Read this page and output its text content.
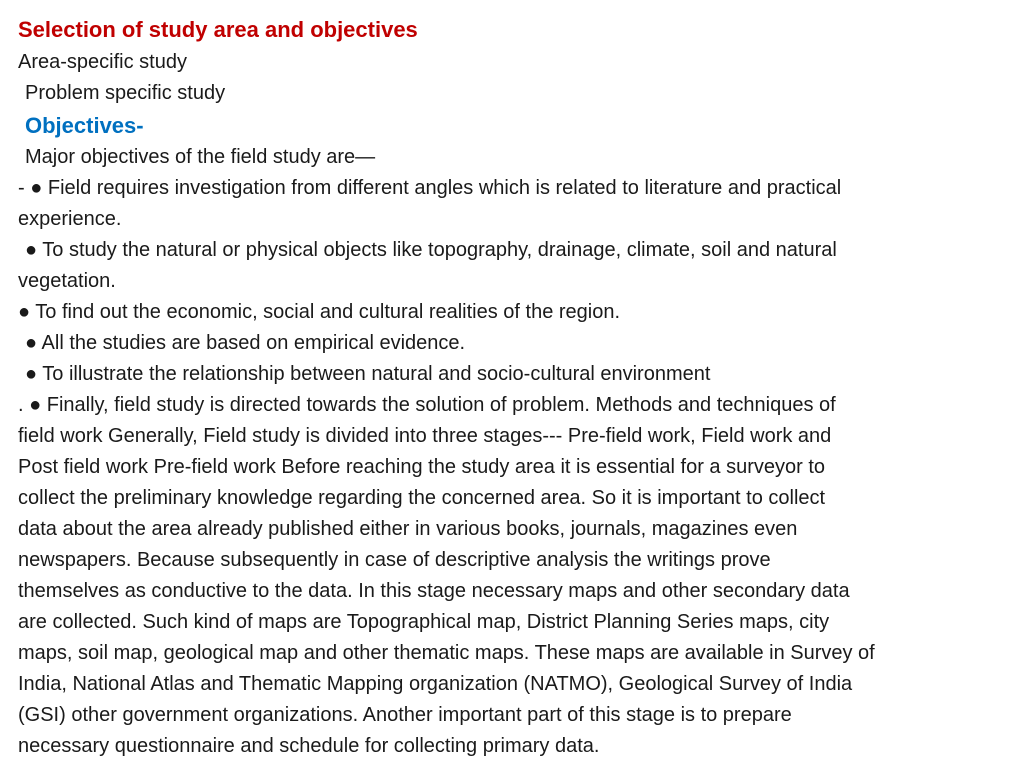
Selection of study area and objectives

Area-specific study

Problem specific study

Objectives-

Major objectives of the field study are—

- ● Field requires investigation from different angles which is related to literature and practical

experience.

● To study the natural or physical objects like topography, drainage, climate, soil and natural

vegetation.

● To find out the economic, social and cultural realities of the region.

● All the studies are based on empirical evidence.

● To illustrate the relationship between natural and socio-cultural environment

. ● Finally, field study is directed towards the solution of problem. Methods and techniques of

field work Generally, Field study is divided into three stages--- Pre-field work, Field work and

Post field work Pre-field work Before reaching the study area it is essential for a surveyor to

collect the preliminary knowledge regarding the concerned area. So it is important to collect

data about the area already published either in various books, journals, magazines even

newspapers. Because subsequently in case of descriptive analysis the writings prove

themselves as conductive to the data. In this stage necessary maps and other secondary data

are collected. Such kind of maps are Topographical map, District Planning Series maps, city

maps, soil map, geological map and other thematic maps. These maps are available in Survey of

India, National Atlas and Thematic Mapping organization (NATMO), Geological Survey of India

(GSI) other government organizations. Another important part of this stage is to prepare

necessary questionnaire and schedule for collecting primary data.
